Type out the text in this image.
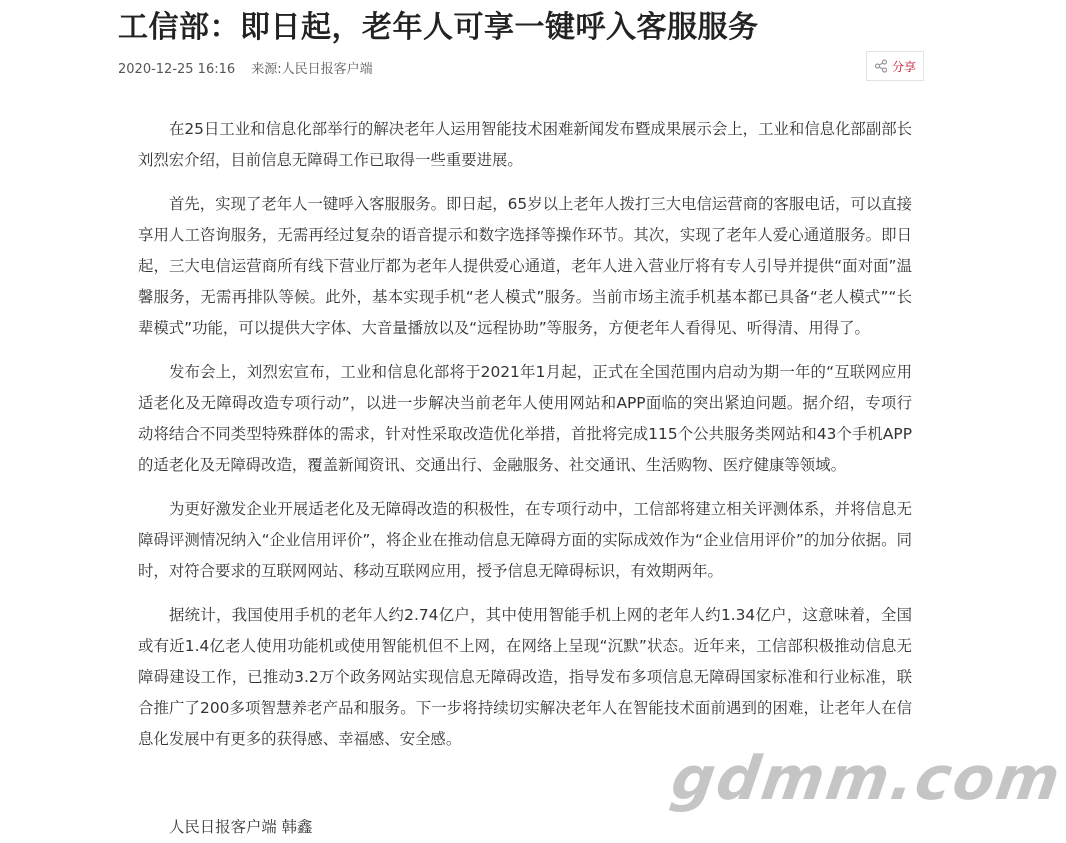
工信部：即日起，老年人可享一键呼入客服服务
2020-12-25 16:16 来源:人民日报客户端	分享

在25日工业和信息化部举行的解决老年人运用智能技术困难新闻发布暨成果展示会上，工业和信息化部副部长刘烈宏介绍，目前信息无障碍工作已取得一些重要进展。

首先，实现了老年人一键呼入客服服务。即日起，65岁以上老年人拨打三大电信运营商的客服电话，可以直接享用人工咨询服务，无需再经过复杂的语音提示和数字选择等操作环节。其次，实现了老年人爱心通道服务。即日起，三大电信运营商所有线下营业厅都为老年人提供爱心通道，老年人进入营业厅将有专人引导并提供“面对面”温馨服务，无需再排队等候。此外，基本实现手机“老人模式”服务。当前市场主流手机基本都已具备“老人模式”“长辈模式”功能，可以提供大字体、大音量播放以及“远程协助”等服务，方便老年人看得见、听得清、用得了。

发布会上，刘烈宏宣布，工业和信息化部将于2021年1月起，正式在全国范围内启动为期一年的“互联网应用适老化及无障碍改造专项行动”，以进一步解决当前老年人使用网站和APP面临的突出紧迫问题。据介绍，专项行动将结合不同类型特殊群体的需求，针对性采取改造优化举措，首批将完成115个公共服务类网站和43个手机APP的适老化及无障碍改造，覆盖新闻资讯、交通出行、金融服务、社交通讯、生活购物、医疗健康等领域。

为更好激发企业开展适老化及无障碍改造的积极性，在专项行动中，工信部将建立相关评测体系，并将信息无障碍评测情况纳入“企业信用评价”，将企业在推动信息无障碍方面的实际成效作为“企业信用评价”的加分依据。同时，对符合要求的互联网网站、移动互联网应用，授予信息无障碍标识，有效期两年。

据统计，我国使用手机的老年人约2.74亿户，其中使用智能手机上网的老年人约1.34亿户，这意味着，全国或有近1.4亿老人使用功能机或使用智能机但不上网，在网络上呈现“沉默”状态。近年来，工信部积极推动信息无障碍建设工作，已推动3.2万个政务网站实现信息无障碍改造，指导发布多项信息无障碍国家标准和行业标准，联合推广了200多项智慧养老产品和服务。下一步将持续切实解决老年人在智能技术面前遇到的困难，让老年人在信息化发展中有更多的获得感、幸福感、安全感。

人民日报客户端 韩鑫
gdmm.com
